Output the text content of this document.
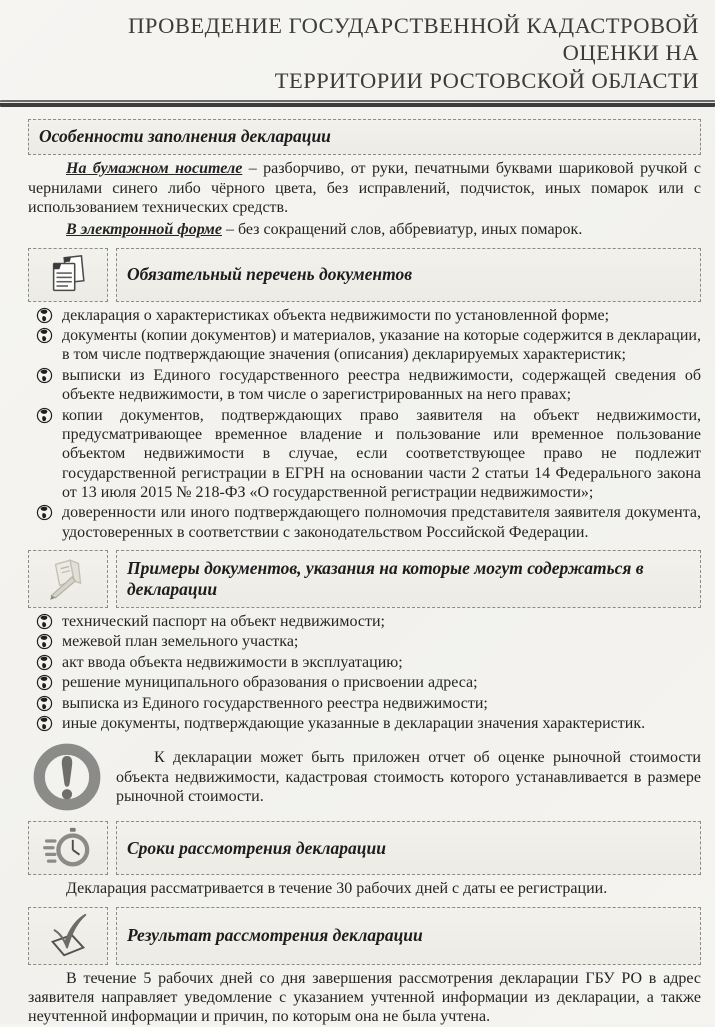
ПРОВЕДЕНИЕ ГОСУДАРСТВЕННОЙ КАДАСТРОВОЙ ОЦЕНКИ НА
ТЕРРИТОРИИ РОСТОВСКОЙ ОБЛАСТИ
Особенности заполнения декларации

На бумажном носителе – разборчиво, от руки, печатными буквами шариковой ручкой с чернилами синего либо чёрного цвета, без исправлений, подчисток, иных помарок или с использованием технических средств.

В электронной форме – без сокращений слов, аббревиатур, иных помарок.

Обязательный перечень документов
декларация о характеристиках объекта недвижимости по установленной форме;
документы (копии документов) и материалов, указание на которые содержится в декларации, в том числе подтверждающие значения (описания) декларируемых характеристик;
выписки из Единого государственного реестра недвижимости, содержащей сведения об объекте недвижимости, в том числе о зарегистрированных на него правах;
копии документов, подтверждающих право заявителя на объект недвижимости, предусматривающее временное владение и пользование или временное пользование объектом недвижимости в случае, если соответствующее право не подлежит государственной регистрации в ЕГРН на основании части 2 статьи 14 Федерального закона от 13 июля 2015 № 218-ФЗ «О государственной регистрации недвижимости»;
доверенности или иного подтверждающего полномочия представителя заявителя документа, удостоверенных в соответствии с законодательством Российской Федерации.
Примеры документов, указания на которые могут содержаться в декларации
технический паспорт на объект недвижимости;
межевой план земельного участка;
акт ввода объекта недвижимости в эксплуатацию;
решение муниципального образования о присвоении адреса;
выписка из Единого государственного реестра недвижимости;
иные документы, подтверждающие указанные в декларации значения характеристик.

К декларации может быть приложен отчет об оценке рыночной стоимости объекта недвижимости, кадастровая стоимость которого устанавливается в размере рыночной стоимости.

Сроки рассмотрения декларации

Декларация рассматривается в течение 30 рабочих дней с даты ее регистрации.

Результат рассмотрения декларации

В течение 5 рабочих дней со дня завершения рассмотрения декларации ГБУ РО в адрес заявителя направляет уведомление с указанием учтенной информации из декларации, а также неучтенной информации и причин, по которым она не была учтена.
